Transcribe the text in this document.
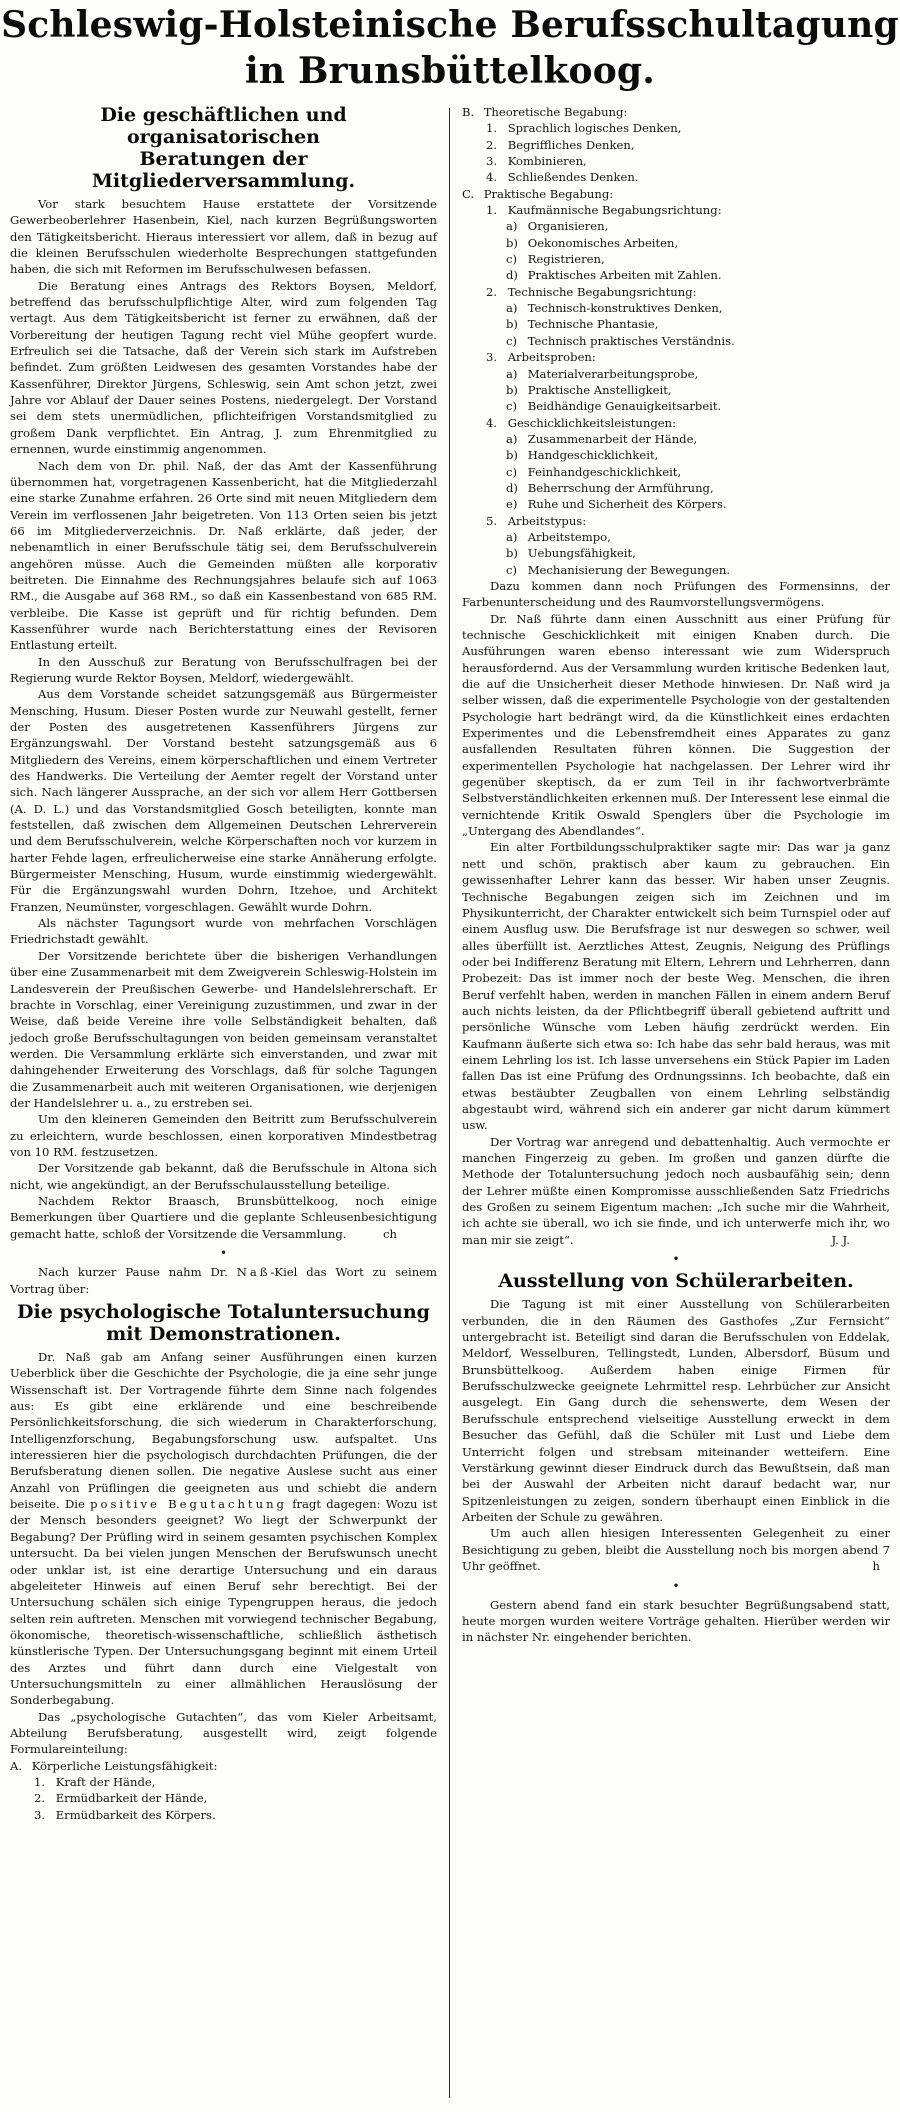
Schleswig-Holsteinische Berufsschultagung
in Brunsbüttelkoog.
Die geschäftlichen und organisatorischen
Beratungen der Mitgliederversammlung.

Vor stark besuchtem Hause erstattete der Vorsitzende Gewerbeoberlehrer Hasenbein, Kiel, nach kurzen Begrüßungsworten den Tätigkeitsbericht. Hieraus interessiert vor allem, daß in bezug auf die kleinen Berufsschulen wiederholte Besprechungen stattgefunden haben, die sich mit Reformen im Berufsschulwesen befassen.

Die Beratung eines Antrags des Rektors Boysen, Meldorf, betreffend das berufsschulpflichtige Alter, wird zum folgenden Tag vertagt. Aus dem Tätigkeitsbericht ist ferner zu erwähnen, daß der Vorbereitung der heutigen Tagung recht viel Mühe geopfert wurde. Erfreulich sei die Tatsache, daß der Verein sich stark im Aufstreben befindet. Zum größten Leidwesen des gesamten Vorstandes habe der Kassenführer, Direktor Jürgens, Schleswig, sein Amt schon jetzt, zwei Jahre vor Ablauf der Dauer seines Postens, niedergelegt. Der Vorstand sei dem stets unermüdlichen, pflichteifrigen Vorstandsmitglied zu großem Dank verpflichtet. Ein Antrag, J. zum Ehrenmitglied zu ernennen, wurde einstimmig angenommen.

Nach dem von Dr. phil. Naß, der das Amt der Kassenführung übernommen hat, vorgetragenen Kassenbericht, hat die Mitgliederzahl eine starke Zunahme erfahren. 26 Orte sind mit neuen Mitgliedern dem Verein im verflossenen Jahr beigetreten. Von 113 Orten seien bis jetzt 66 im Mitgliederverzeichnis. Dr. Naß erklärte, daß jeder, der nebenamtlich in einer Berufsschule tätig sei, dem Berufsschulverein angehören müsse. Auch die Gemeinden müßten alle korporativ beitreten. Die Einnahme des Rechnungsjahres belaufe sich auf 1063 RM., die Ausgabe auf 368 RM., so daß ein Kassenbestand von 685 RM. verbleibe. Die Kasse ist geprüft und für richtig befunden. Dem Kassenführer wurde nach Berichterstattung eines der Revisoren Entlastung erteilt.

In den Ausschuß zur Beratung von Berufsschulfragen bei der Regierung wurde Rektor Boysen, Meldorf, wiedergewählt.

Aus dem Vorstande scheidet satzungsgemäß aus Bürgermeister Mensching, Husum. Dieser Posten wurde zur Neuwahl gestellt, ferner der Posten des ausgetretenen Kassenführers Jürgens zur Ergänzungswahl. Der Vorstand besteht satzungsgemäß aus 6 Mitgliedern des Vereins, einem körperschaftlichen und einem Vertreter des Handwerks. Die Verteilung der Aemter regelt der Vorstand unter sich. Nach längerer Aussprache, an der sich vor allem Herr Gottbersen (A. D. L.) und das Vorstandsmitglied Gosch beteiligten, konnte man feststellen, daß zwischen dem Allgemeinen Deutschen Lehrerverein und dem Berufsschulverein, welche Körperschaften noch vor kurzem in harter Fehde lagen, erfreulicherweise eine starke Annäherung erfolgte. Bürgermeister Mensching, Husum, wurde einstimmig wiedergewählt. Für die Ergänzungswahl wurden Dohrn, Itzehoe, und Architekt Franzen, Neumünster, vorgeschlagen. Gewählt wurde Dohrn.

Als nächster Tagungsort wurde von mehrfachen Vorschlägen Friedrichstadt gewählt.

Der Vorsitzende berichtete über die bisherigen Verhandlungen über eine Zusammenarbeit mit dem Zweigverein Schleswig-Holstein im Landesverein der Preußischen Gewerbe- und Handelslehrerschaft. Er brachte in Vorschlag, einer Vereinigung zuzustimmen, und zwar in der Weise, daß beide Vereine ihre volle Selbständigkeit behalten, daß jedoch große Berufsschultagungen von beiden gemeinsam veranstaltet werden. Die Versammlung erklärte sich einverstanden, und zwar mit dahingehender Erweiterung des Vorschlags, daß für solche Tagungen die Zusammenarbeit auch mit weiteren Organisationen, wie derjenigen der Handelslehrer u. a., zu erstreben sei.

Um den kleineren Gemeinden den Beitritt zum Berufsschulverein zu erleichtern, wurde beschlossen, einen korporativen Mindestbetrag von 10 RM. festzusetzen.

Der Vorsitzende gab bekannt, daß die Berufsschule in Altona sich nicht, wie angekündigt, an der Berufsschulausstellung beteilige.

Nachdem Rektor Braasch, Brunsbüttelkoog, noch einige Bemerkungen über Quartiere und die geplante Schleusenbesichtigung gemacht hatte, schloß der Vorsitzende die Versammlung.	ch

•

Nach kurzer Pause nahm Dr. Naß-Kiel das Wort zu seinem Vortrag über:

Die psychologische Totaluntersuchung
mit Demonstrationen.

Dr. Naß gab am Anfang seiner Ausführungen einen kurzen Ueberblick über die Geschichte der Psychologie, die ja eine sehr junge Wissenschaft ist. Der Vortragende führte dem Sinne nach folgendes aus: Es gibt eine erklärende und eine beschreibende Persönlichkeitsforschung, die sich wiederum in Charakterforschung, Intelligenzforschung, Begabungsforschung usw. aufspaltet. Uns interessieren hier die psychologisch durchdachten Prüfungen, die der Berufsberatung dienen sollen. Die negative Auslese sucht aus einer Anzahl von Prüflingen die geeigneten aus und schiebt die andern beiseite. Die positive Begutachtung fragt dagegen: Wozu ist der Mensch besonders geeignet? Wo liegt der Schwerpunkt der Begabung? Der Prüfling wird in seinem gesamten psychischen Komplex untersucht. Da bei vielen jungen Menschen der Berufswunsch unecht oder unklar ist, ist eine derartige Untersuchung und ein daraus abgeleiteter Hinweis auf einen Beruf sehr berechtigt. Bei der Untersuchung schälen sich einige Typengruppen heraus, die jedoch selten rein auftreten. Menschen mit vorwiegend technischer Begabung, ökonomische, theoretisch-wissenschaftliche, schließlich ästhetisch künstlerische Typen. Der Untersuchungsgang beginnt mit einem Urteil des Arztes und führt dann durch eine Vielgestalt von Untersuchungsmitteln zu einer allmählichen Herauslösung der Sonderbegabung.

Das „psychologische Gutachten“, das vom Kieler Arbeitsamt, Abteilung Berufsberatung, ausgestellt wird, zeigt folgende Formulareinteilung:

A. Körperliche Leistungsfähigkeit:
1. Kraft der Hände,
2. Ermüdbarkeit der Hände,
3. Ermüdbarkeit des Körpers.
B. Theoretische Begabung:
1. Sprachlich logisches Denken,
2. Begriffliches Denken,
3. Kombinieren,
4. Schließendes Denken.
C. Praktische Begabung:
1. Kaufmännische Begabungsrichtung:
a) Organisieren,
b) Oekonomisches Arbeiten,
c) Registrieren,
d) Praktisches Arbeiten mit Zahlen.
2. Technische Begabungsrichtung:
a) Technisch-konstruktives Denken,
b) Technische Phantasie,
c) Technisch praktisches Verständnis.
3. Arbeitsproben:
a) Materialverarbeitungsprobe,
b) Praktische Anstelligkeit,
c) Beidhändige Genauigkeitsarbeit.
4. Geschicklichkeitsleistungen:
a) Zusammenarbeit der Hände,
b) Handgeschicklichkeit,
c) Feinhandgeschicklichkeit,
d) Beherrschung der Armführung,
e) Ruhe und Sicherheit des Körpers.
5. Arbeitstypus:
a) Arbeitstempo,
b) Uebungsfähigkeit,
c) Mechanisierung der Bewegungen.

Dazu kommen dann noch Prüfungen des Formensinns, der Farbenunterscheidung und des Raumvorstellungsvermögens.

Dr. Naß führte dann einen Ausschnitt aus einer Prüfung für technische Geschicklichkeit mit einigen Knaben durch. Die Ausführungen waren ebenso interessant wie zum Widerspruch herausfordernd. Aus der Versammlung wurden kritische Bedenken laut, die auf die Unsicherheit dieser Methode hinwiesen. Dr. Naß wird ja selber wissen, daß die experimentelle Psychologie von der gestaltenden Psychologie hart bedrängt wird, da die Künstlichkeit eines erdachten Experimentes und die Lebensfremdheit eines Apparates zu ganz ausfallenden Resultaten führen können. Die Suggestion der experimentellen Psychologie hat nachgelassen. Der Lehrer wird ihr gegenüber skeptisch, da er zum Teil in ihr fachwortverbrämte Selbstverständlichkeiten erkennen muß. Der Interessent lese einmal die vernichtende Kritik Oswald Spenglers über die Psychologie im „Untergang des Abendlandes“.

Ein alter Fortbildungsschulpraktiker sagte mir: Das war ja ganz nett und schön, praktisch aber kaum zu gebrauchen. Ein gewissenhafter Lehrer kann das besser. Wir haben unser Zeugnis. Technische Begabungen zeigen sich im Zeichnen und im Physikunterricht, der Charakter entwickelt sich beim Turnspiel oder auf einem Ausflug usw. Die Berufsfrage ist nur deswegen so schwer, weil alles überfüllt ist. Aerztliches Attest, Zeugnis, Neigung des Prüflings oder bei Indifferenz Beratung mit Eltern, Lehrern und Lehrherren, dann Probezeit: Das ist immer noch der beste Weg. Menschen, die ihren Beruf verfehlt haben, werden in manchen Fällen in einem andern Beruf auch nichts leisten, da der Pflichtbegriff überall gebietend auftritt und persönliche Wünsche vom Leben häufig zerdrückt werden. Ein Kaufmann äußerte sich etwa so: Ich habe das sehr bald heraus, was mit einem Lehrling los ist. Ich lasse unversehens ein Stück Papier im Laden fallen Das ist eine Prüfung des Ordnungssinns. Ich beobachte, daß ein etwas bestäubter Zeugballen von einem Lehrling selbständig abgestaubt wird, während sich ein anderer gar nicht darum kümmert usw.

Der Vortrag war anregend und debattenhaltig. Auch vermochte er manchen Fingerzeig zu geben. Im großen und ganzen dürfte die Methode der Totaluntersuchung jedoch noch ausbaufähig sein; denn der Lehrer müßte einen Kompromisse ausschließenden Satz Friedrichs des Großen zu seinem Eigentum machen: „Ich suche mir die Wahrheit, ich achte sie überall, wo ich sie finde, und ich unterwerfe mich ihr, wo man mir sie zeigt“.	J. J.

•
Ausstellung von Schülerarbeiten.

Die Tagung ist mit einer Ausstellung von Schülerarbeiten verbunden, die in den Räumen des Gasthofes „Zur Fernsicht“ untergebracht ist. Beteiligt sind daran die Berufsschulen von Eddelak, Meldorf, Wesselburen, Tellingstedt, Lunden, Albersdorf, Büsum und Brunsbüttelkoog. Außerdem haben einige Firmen für Berufsschulzwecke geeignete Lehrmittel resp. Lehrbücher zur Ansicht ausgelegt. Ein Gang durch die sehenswerte, dem Wesen der Berufsschule entsprechend vielseitige Ausstellung erweckt in dem Besucher das Gefühl, daß die Schüler mit Lust und Liebe dem Unterricht folgen und strebsam miteinander wetteifern. Eine Verstärkung gewinnt dieser Eindruck durch das Bewußtsein, daß man bei der Auswahl der Arbeiten nicht darauf bedacht war, nur Spitzenleistungen zu zeigen, sondern überhaupt einen Einblick in die Arbeiten der Schule zu gewähren.

Um auch allen hiesigen Interessenten Gelegenheit zu einer Besichtigung zu geben, bleibt die Ausstellung noch bis morgen abend 7 Uhr geöffnet.	h

•

Gestern abend fand ein stark besuchter Begrüßungsabend statt, heute morgen wurden weitere Vorträge gehalten. Hierüber werden wir in nächster Nr. eingehender berichten.
